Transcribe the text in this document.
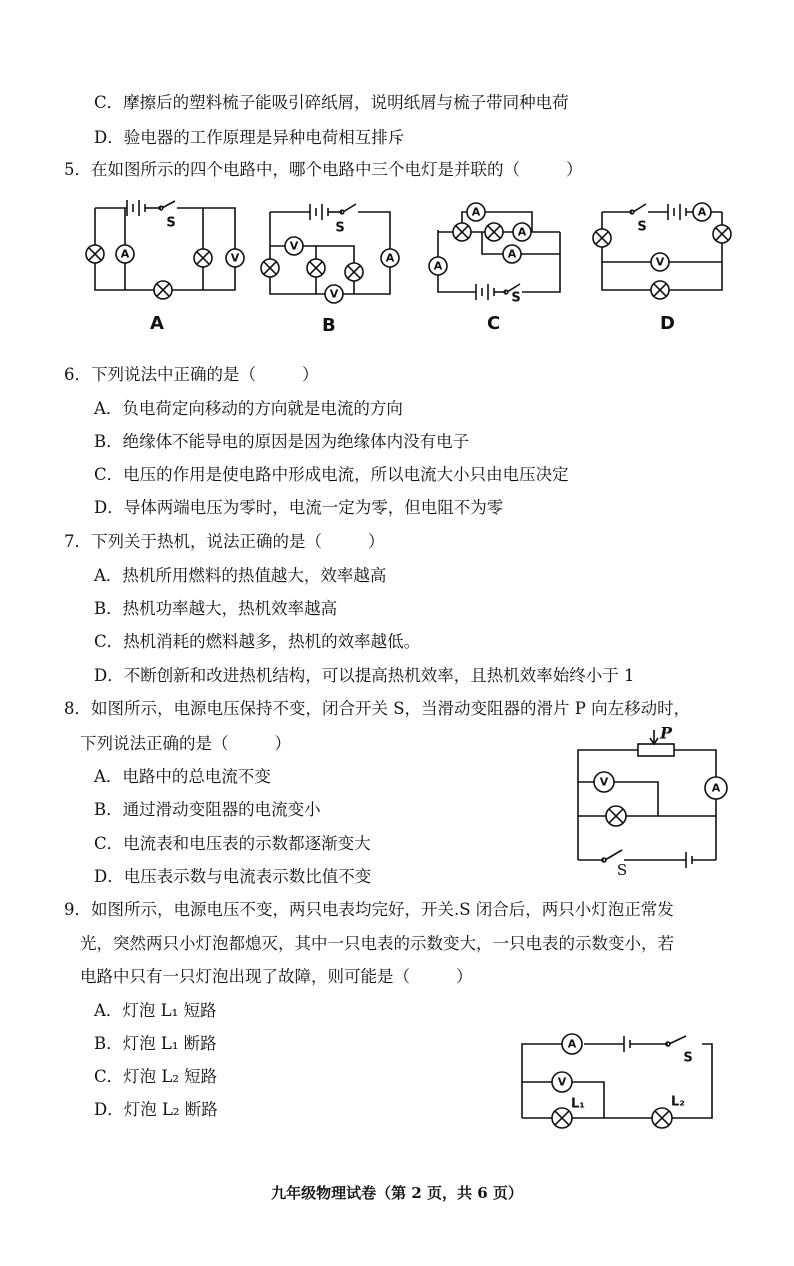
C．摩擦后的塑料梳子能吸引碎纸屑，说明纸屑与梳子带同种电荷
D．验电器的工作原理是异种电荷相互排斥
5．在如图所示的四个电路中，哪个电路中三个电灯是并联的（	）
A	V
S
V
A
V
S
A
A
A
A
S
A
V
S
A	B	C	D
6．下列说法中正确的是（	）
A．负电荷定向移动的方向就是电流的方向
B．绝缘体不能导电的原因是因为绝缘体内没有电子
C．电压的作用是使电路中形成电流，所以电流大小只由电压决定
D．导体两端电压为零时，电流一定为零，但电阻不为零
7．下列关于热机，说法正确的是（	）
A．热机所用燃料的热值越大，效率越高
B．热机功率越大，热机效率越高
C．热机消耗的燃料越多，热机的效率越低。
D．不断创新和改进热机结构，可以提高热机效率，且热机效率始终小于 1
8．如图所示，电源电压保持不变，闭合开关 S，当滑动变阻器的滑片 P 向左移动时，
下列说法正确的是（	）
A．电路中的总电流不变
B．通过滑动变阻器的电流变小
C．电流表和电压表的示数都逐渐变大
D．电压表示数与电流表示数比值不变
P
V	A
S
9．如图所示，电源电压不变，两只电表均完好，开关.S 闭合后，两只小灯泡正常发
光，突然两只小灯泡都熄灭，其中一只电表的示数变大，一只电表的示数变小，若
电路中只有一只灯泡出现了故障，则可能是（	）
A．灯泡 L₁ 短路
B．灯泡 L₁ 断路
C．灯泡 L₂ 短路
D．灯泡 L₂ 断路
A
V
L₁	L₂
S
九年级物理试卷（第 2 页，共 6 页）
